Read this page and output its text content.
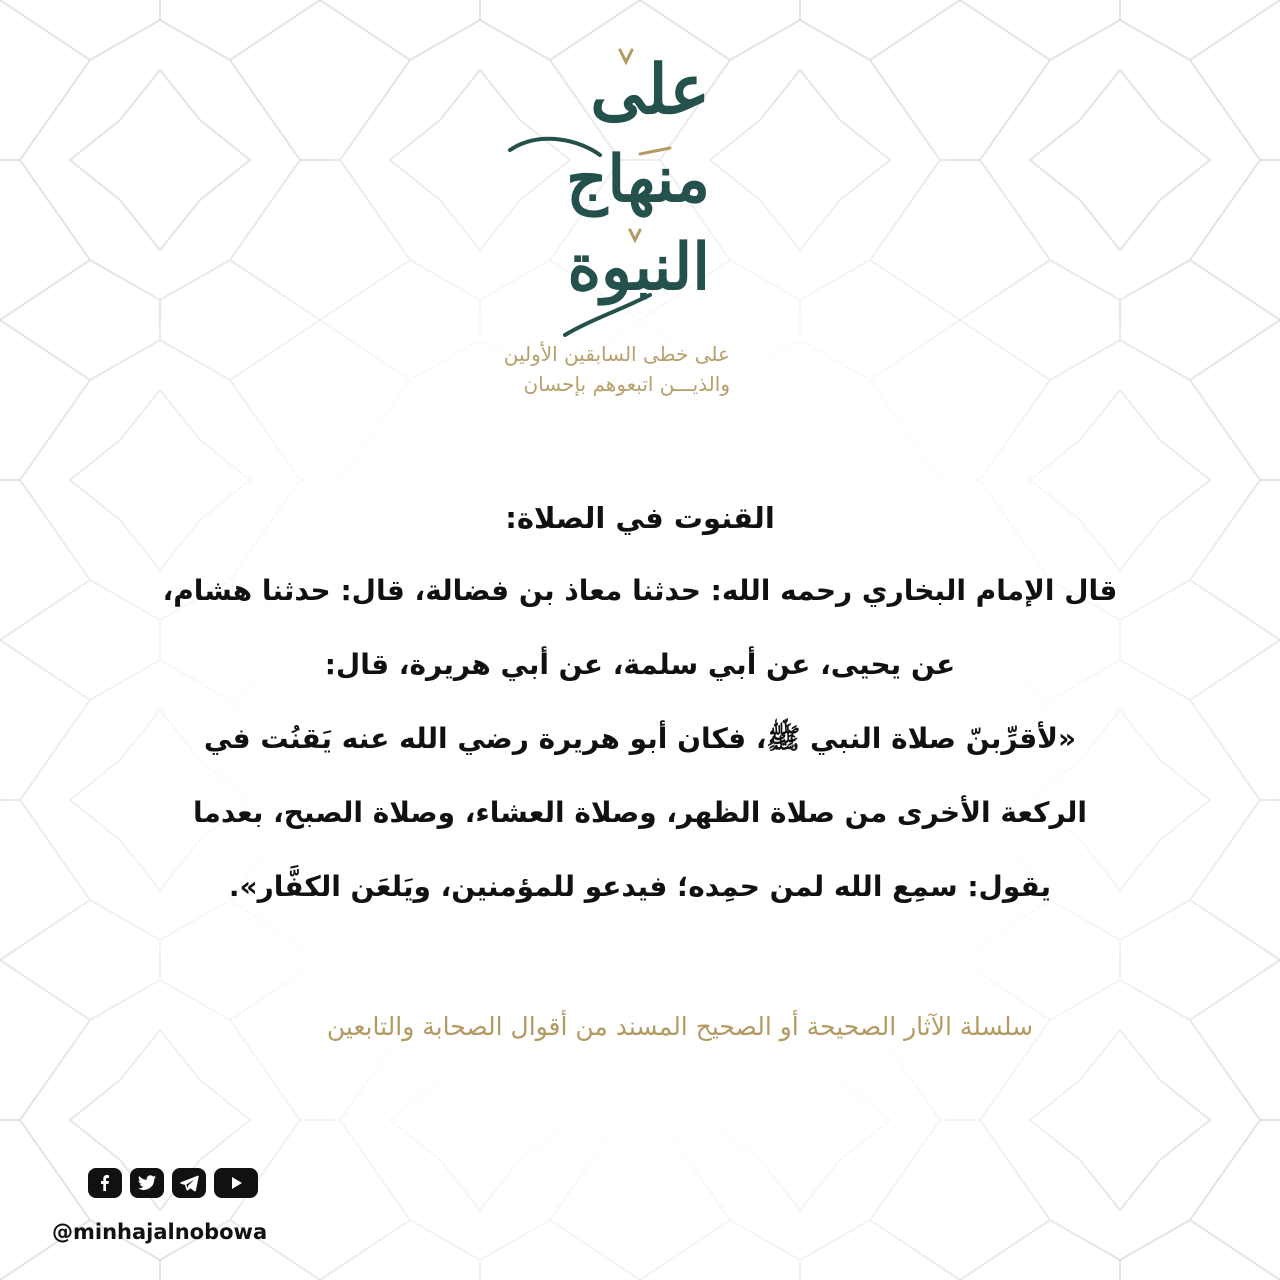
على
منهاج
النبوة
على خطى السابقين الأولين
والذيـــن اتبعوهم بإحسان
القنوت في الصلاة:
قال الإمام البخاري رحمه الله: حدثنا معاذ بن فضالة، قال: حدثنا هشام،
عن يحيى، عن أبي سلمة، عن أبي هريرة، قال:
«لأقرِّبنّ صلاة النبي ﷺ، فكان أبو هريرة رضي الله عنه يَقنُت في
الركعة الأخرى من صلاة الظهر، وصلاة العشاء، وصلاة الصبح، بعدما
يقول: سمِع الله لمن حمِده؛ فيدعو للمؤمنين، ويَلعَن الكفَّار».
سلسلة الآثار الصحيحة أو الصحيح المسند من أقوال الصحابة والتابعين
@minhajalnobowa
